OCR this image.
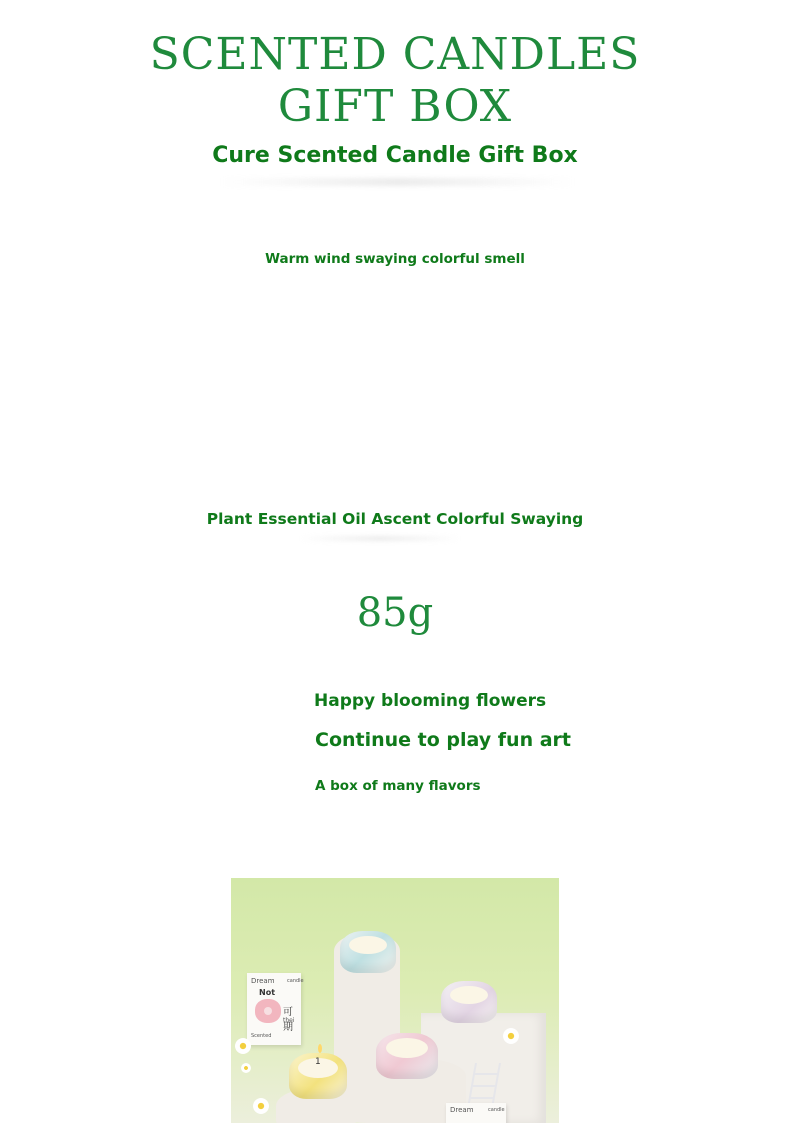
SCENTED CANDLES
GIFT BOX
Cure Scented Candle Gift Box
Warm wind swaying colorful smell
Plant Essential Oil Ascent Colorful Swaying
85g
Happy blooming flowers
Continue to play fun art
A box of many flavors
Dream candle
Not
可期
thei
Scented
1
Dream	candle
